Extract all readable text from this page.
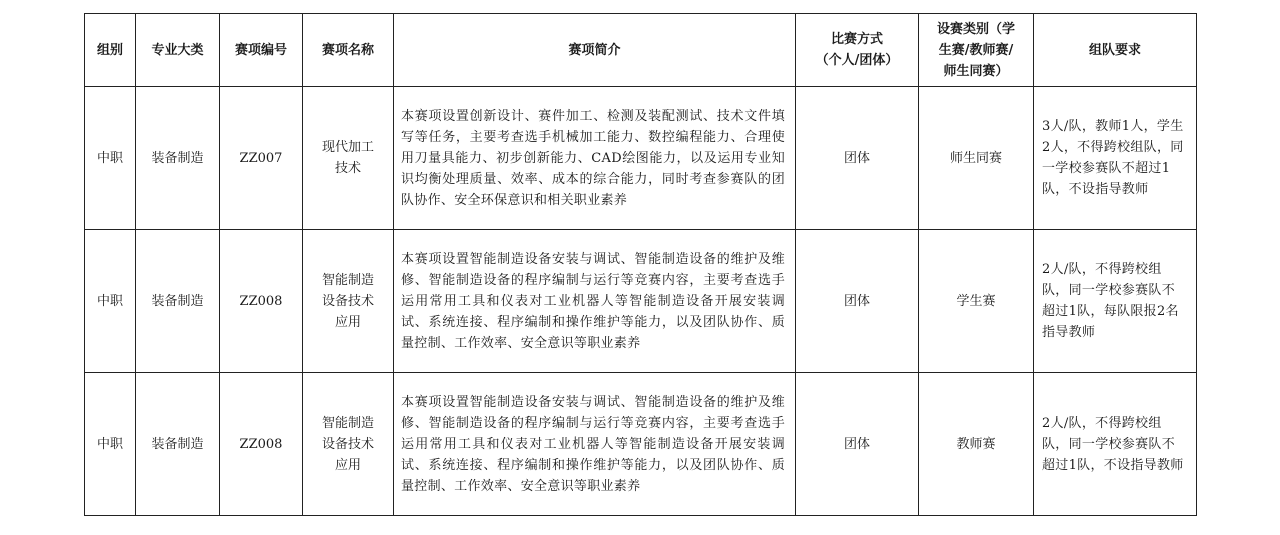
组别	专业大类	赛项编号	赛项名称	赛项简介	比赛方式
（个人/团体）	设赛类别（学
生赛/教师赛/
师生同赛）	组队要求
中职	装备制造	ZZ007	现代加工
技术	本赛项设置创新设计、赛件加工、检测及装配测试、技术文件填写等任务，主要考查选手机械加工能力、数控编程能力、合理使用刀量具能力、初步创新能力、CAD绘图能力，以及运用专业知识均衡处理质量、效率、成本的综合能力，同时考查参赛队的团队协作、安全环保意识和相关职业素养	团体	师生同赛	3人/队，教师1人，学生2人，不得跨校组队，同一学校参赛队不超过1队，不设指导教师
中职	装备制造	ZZ008	智能制造
设备技术
应用	本赛项设置智能制造设备安装与调试、智能制造设备的维护及维修、智能制造设备的程序编制与运行等竞赛内容，主要考查选手运用常用工具和仪表对工业机器人等智能制造设备开展安装调试、系统连接、程序编制和操作维护等能力，以及团队协作、质量控制、工作效率、安全意识等职业素养	团体	学生赛	2人/队，不得跨校组队，同一学校参赛队不超过1队，每队限报2名指导教师
中职	装备制造	ZZ008	智能制造
设备技术
应用	本赛项设置智能制造设备安装与调试、智能制造设备的维护及维修、智能制造设备的程序编制与运行等竞赛内容，主要考查选手运用常用工具和仪表对工业机器人等智能制造设备开展安装调试、系统连接、程序编制和操作维护等能力，以及团队协作、质量控制、工作效率、安全意识等职业素养	团体	教师赛	2人/队，不得跨校组队，同一学校参赛队不超过1队，不设指导教师
